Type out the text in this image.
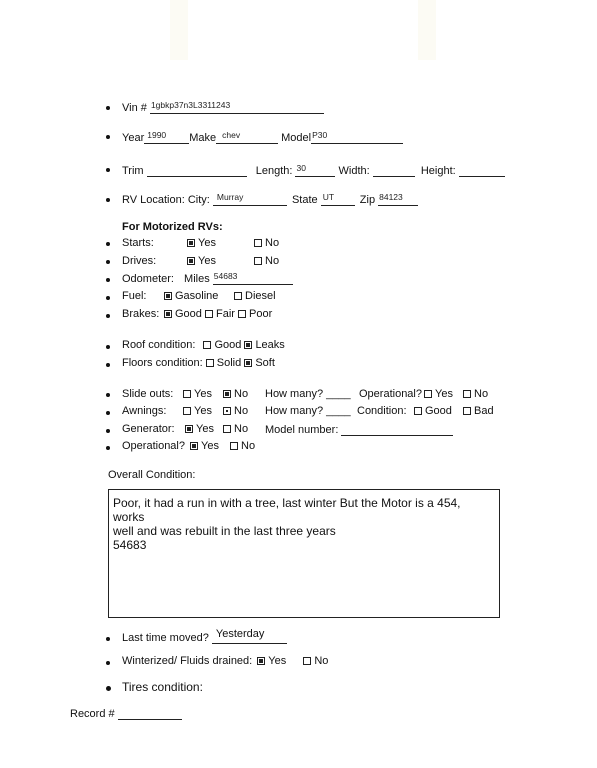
Vin # 1gbkp37n3L3311243
Year 1990 Make chev	Model P30
Trim	Length: 30	Width:	Height:
RV Location: City: Murray	State UT Zip 84123
For Motorized RVs:
Starts:	Yes	No
Drives:	Yes	No
Odometer: Miles 54683
Fuel:	Gasoline	Diesel
Brakes:	Good Fair Poor
Roof condition: Good Leaks
Floors condition: Solid Soft
Slide outs:	Yes	No How many? ____ Operational?	Yes	No
Awnings:	Yes	No How many? ____ Condition:	Good	Bad
Generator:	Yes	No Model number:
Operational?	Yes	No
Overall Condition:
Poor, it had a run in with a tree, last winter But the Motor is a 454, works
well and was rebuilt in the last three years
54683
Last time moved? Yesterday
Winterized/ Fluids drained: Yes	No
Tires condition:
Record #
